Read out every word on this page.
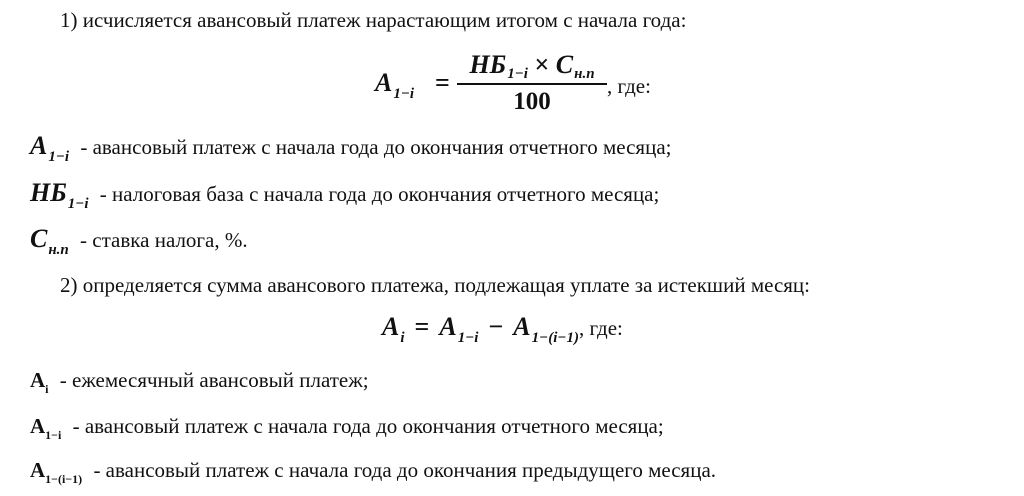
1) исчисляется авансовый платеж нарастающим итогом с начала года:
A1−i =
НБ1−i × Cн.п
100
, где:
$A_{1-i}$ - авансовый платеж с начала года до окончания отчетного месяца;
$НБ_{1-i}$ - налоговая база с начала года до окончания отчетного месяца;
$C_{н.п}$ - ставка налога, %.
2) определяется сумма авансового платежа, подлежащая уплате за истекший месяц:
Ai = A1−i − A1−(i−1), где:
$A_i$ - ежемесячный авансовый платеж;
$A_{1-i}$ - авансовый платеж с начала года до окончания отчетного месяца;
$A_{1-(i-1)}$ - авансовый платеж с начала года до окончания предыдущего месяца.
